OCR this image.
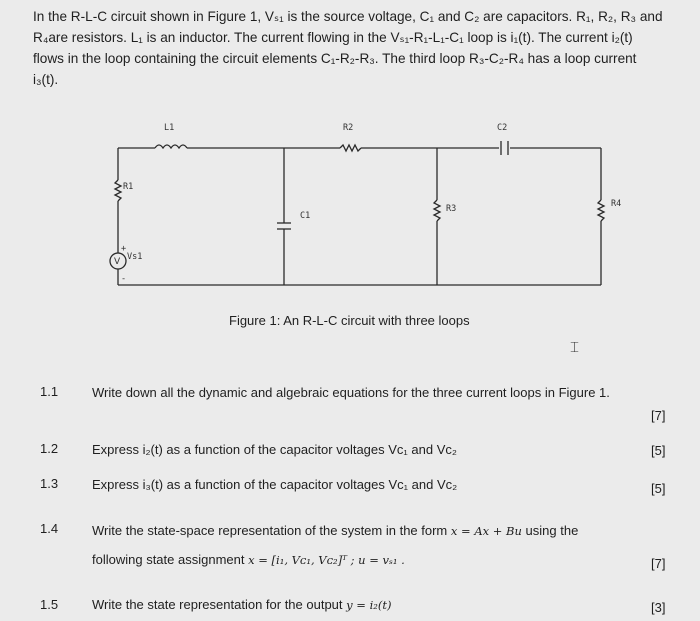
In the R-L-C circuit shown in Figure 1, Vₛ₁ is the source voltage, C₁ and C₂ are capacitors. R₁, R₂, R₃ and

R₄are resistors. L₁ is an inductor. The current flowing in the Vₛ₁-R₁-L₁-C₁ loop is i₁(t). The current i₂(t)

flows in the loop containing the circuit elements C₁-R₂-R₃. The third loop R₃-C₂-R₄ has a loop current

i₃(t).

L1	R2	C2
R1
C1
R3	R4
Vs1
V
+
-
Figure 1: An R-L-C circuit with three loops
⌶
1.1	Write down all the dynamic and algebraic equations for the three current loops in Figure 1.
[7]
1.2	Express i₂(t) as a function of the capacitor voltages Vᴄ₁ and Vᴄ₂	[5]
1.3	Express i₃(t) as a function of the capacitor voltages Vᴄ₁ and Vᴄ₂	[5]
1.4	Write the state-space representation of the system in the form x = Ax + Bu using the
following state assignment x = [i₁, Vᴄ₁, Vᴄ₂]ᵀ ; u = vₛ₁ .	[7]
1.5	Write the state representation for the output y = i₂(t)	[3]
